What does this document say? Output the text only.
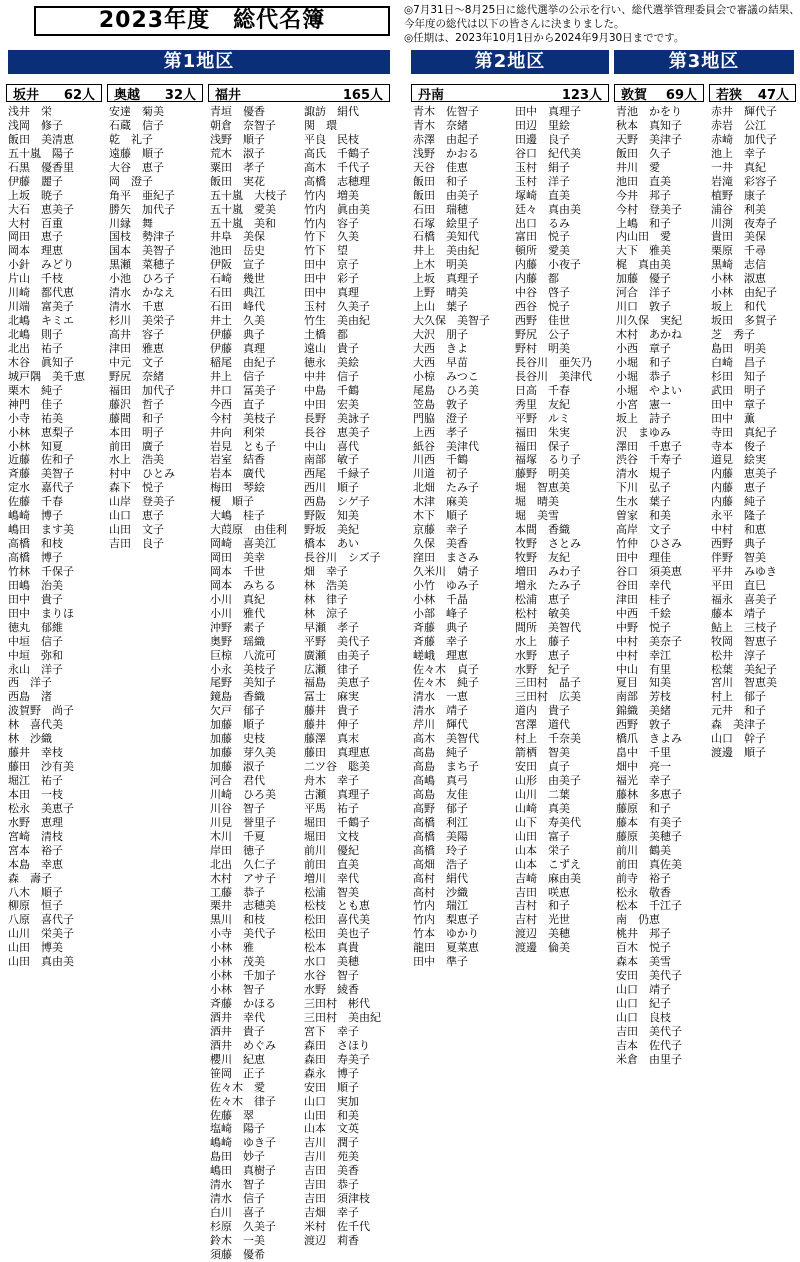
2023年度　総代名簿	◎7月31日～8月25日に総代選挙の公示を行い、総代選挙管理委員会で審議の結果、
今年度の総代は以下の皆さんに決まりました。
◎任期は、2023年10月1日から2024年9月30日までです。
第1地区	第2地区	第3地区
坂井 62人
浅井　栄
浅岡　修子
飯田　美清恵
五十嵐　陽子
石黒　優香里
伊藤　麗子
上坂　暁子
大石　恵美子
大村　百重
岡田　恵子
岡本　理恵
小針　みどり
片山　千枝
川崎　都代恵
川端　富美子
北嶋　キミエ
北嶋　則子
北出　祐子
木谷　眞知子
城戸隅　美千恵
栗木　純子
神門　佳子
小寺　祐美
小林　恵梨子
小林　知夏
近藤　佐和子
斉藤　美智子
定水　嘉代子
佐藤　千春
嶋崎　博子
嶋田　ます美
高橋　和枝
高橋　博子
竹林　千保子
田嶋　治美
田中　貴子
田中　まりほ
徳丸　郁維
中垣　信子
中垣　弥和
永山　洋子
西　洋子
西島　渚
波賀野　尚子
林　喜代美
林　沙織
藤井　幸枝
藤田　沙有美
堀江　祐子
本田　一枝
松永　美恵子
水野　恵理
宮崎　清枝
宮本　裕子
本島　幸恵
森　壽子
八木　順子
柳原　恒子
八原　喜代子
山川　栄美子
山田　博美
山田　真由美
奥越 32人
安達　菊美
石蔵　信子
乾　礼子
遠藤　順子
大谷　恵子
岡　澄子
角平　亜紀子
勝矢　加代子
川縁　舞
国枝　勢津子
国本　美智子
黒瀬　菜穂子
小池　ひろ子
清水　かなえ
清水　千恵
杉川　美栄子
高井　容子
津田　雅恵
中元　文子
野尻　奈緒
福田　加代子
藤沢　哲子
藤間　和子
本田　明子
前田　廣子
水上　浩美
村中　ひとみ
森下　悦子
山岸　登美子
山口　恵子
山田　文子
吉田　良子
福井	165人
青垣　優香
朝倉　奈智子
浅野　順子
荒木　淑子
粟田　孝子
飯田　実花
五十嵐　大枝子
五十嵐　愛美
五十嵐　美和
井阜　美保
池田　岳史
伊阪　宣子
石崎　幾世
石田　典江
石田　峰代
井土　久美
伊藤　典子
伊藤　真理
稲尾　由紀子
井上　信子
井口　冨美子
今西　直子
今村　美枝子
井向　利栄
岩見　とも子
岩室　結香
岩本　廣代
梅田　琴絵
榎　順子
大嶋　桂子
大葭原　由佳利
岡崎　喜美江
岡田　美幸
岡本　千世
岡本　みちる
小川　真紀
小川　雅代
沖野　素子
奥野　瑶織
巨椋　八流可
小永　美枝子
尾野　美知子
鏡島　香織
欠戸　郁子
加藤　順子
加藤　史枝
加藤　芽久美
加藤　淑子
河合　君代
川崎　ひろ美
川谷　智子
川見　誉里子
木川　千夏
岸田　徳子
北出　久仁子
木村　アサ子
工藤　恭子
栗井　志穂美
黒川　和枝
小寺　美代子
小林　雅
小林　茂美
小林　千加子
小林　智子
斉藤　かほる
酒井　幸代
酒井　貴子
酒井　めぐみ
櫻川　紀恵
笹岡　正子
佐々木　愛
佐々木　律子
佐藤　翠
塩崎　陽子
嶋崎　ゆき子
島田　妙子
嶋田　真樹子
清水　智子
清水　信子
白川　喜子
杉原　久美子
鈴木　一美
須藤　優希
諏訪　絹代
関　環
平良　民枝
高氏　千鶴子
高木　千代子
高橋　志穂理
竹内　増美
竹内　眞由美
竹内　容子
竹下　久美
竹下　望
田中　京子
田中　彩子
田中　真理
玉村　久美子
竹生　美由紀
土橋　都
遠山　貴子
徳永　美絵
中井　信子
中島　千鶴
中田　宏美
長野　美詠子
長谷　恵美子
中山　喜代
南部　敏子
西尾　千緑子
西川　順子
西島　シゲ子
野阪　知美
野坂　美紀
橋本　あい
長谷川　シズ子
畑　幸子
林　浩美
林　律子
林　涼子
早瀬　孝子
平野　美代子
廣瀬　由美子
広瀬　律子
福島　美恵子
冨士　麻実
藤井　貴子
藤井　伸子
藤澤　真末
藤田　真理恵
二ツ谷　聡美
舟木　幸子
古瀬　真理子
平馬　祐子
堀田　千鶴子
堀田　文枝
前川　優紀
前田　直美
増川　幸代
松浦　智美
松枝　とも恵
松田　喜代美
松田　美也子
松本　真貴
水口　美穂
水谷　智子
水野　綾香
三田村　彬代
三田村　美由紀
宮下　幸子
森田　さほり
森田　寿美子
森永　博子
安田　順子
山口　実加
山田　和美
山本　文英
吉川　潤子
吉川　苑美
吉田　美香
吉田　恭子
吉田　須津枝
吉畑　幸子
米村　佐千代
渡辺　莉香
丹南	123人
青木　佐智子
青木　奈緒
赤澤　由起子
浅野　かおる
天谷　佳恵
飯田　和子
飯田　由美子
石田　瑞穂
石塚　絵里子
石橋　美知代
井上　美由紀
上木　明美
上坂　真理子
上野　晴美
上山　葉子
大久保　美智子
大沢　朋子
大西　きよ
大西　早苗
小椋　みつこ
尾島　ひろ美
笠島　敦子
門脇　澄子
上西　孝子
紙谷　美津代
川西　千鶴
川道　初子
北畑　たみ子
木津　麻美
木下　順子
京藤　幸子
久保　美香
窪田　まさみ
久米川　婧子
小竹　ゆみ子
小林　千晶
小部　峰子
斉藤　典子
斉藤　幸子
嵯峨　理恵
佐々木　貞子
佐々木　純子
清水　一恵
清水　靖子
芹川　輝代
高木　美智代
高島　純子
高島　まち子
高嶋　真弓
高島　友佳
高野　郁子
高橋　利江
高橋　美陽
高橋　玲子
高畑　浩子
高村　絹代
高村　沙織
竹内　瑞江
竹内　梨恵子
竹本　ゆかり
龍田　夏菜恵
田中　準子
田中　真理子
田辺　里絵
田邊　良子
谷口　紀代美
玉村　絹子
玉村　洋子
塚崎　直美
廷々　真由美
出口　るみ
富田　悦子
頓所　愛美
内藤　小夜子
内藤　都
中谷　啓子
西谷　悦子
西野　佳世
野尻　公子
野村　明美
長谷川　亜矢乃
長谷川　美津代
日高　千春
秀里　友紀
平野　ルミ
福田　朱実
福田　保子
福塚　るり子
藤野　明美
堀　智恵美
堀　晴美
堀　美雪
本間　香織
牧野　さとみ
牧野　友紀
増田　みわ子
増永　たみ子
松浦　恵子
松村　敏美
間所　美智代
水上　藤子
水野　恵子
水野　紀子
三田村　晶子
三田村　広美
道内　貴子
宮澤　道代
村上　千奈美
箭栖　智美
安田　貞子
山形　由美子
山川　二葉
山崎　真美
山下　寿美代
山田　富子
山本　栄子
山本　こずえ
吉崎　麻由美
吉田　咲恵
吉村　和子
吉村　光世
渡辺　美穂
渡邊　倫美
敦賀 69人
青池　かをり
秋本　真知子
天野　美津子
飯田　久子
井川　愛
池田　直美
今井　邦子
今村　登美子
上嶋　和子
内山田　愛
大下　雅美
梶　真由美
加藤　優子
河合　洋子
川口　敦子
川久保　実紀
木村　あかね
小西　章子
小堀　和子
小堀　恭子
小堀　やよい
小宮　憲一
坂上　詩子
沢　まゆみ
澤田　千恵子
渋谷　千寿子
清水　規子
下川　弘子
生水　葉子
曽家　和美
高岸　文子
竹仲　ひさみ
田中　理佳
谷口　須美恵
谷田　幸代
津田　桂子
中西　千絵
中野　悦子
中村　美奈子
中村　幸江
中山　有里
夏目　知美
南部　芳枝
錦織　美緒
西野　敦子
橋爪　きよみ
畠中　千里
畑中　亮一
福光　幸子
藤林　多恵子
藤原　和子
藤本　有美子
藤原　美穂子
前川　鶴美
前田　真佐美
前寺　裕子
松永　敬香
松本　千江子
南　仍恵
桃井　邦子
百木　悦子
森本　美雪
安田　美代子
山口　靖子
山口　紀子
山口　良枝
吉田　美代子
吉本　佐代子
米倉　由里子
若狭 47人
赤井　輝代子
赤岩　公江
赤崎　加代子
池上　幸子
一井　真紀
岩滝　彩容子
植野　康子
浦谷　利美
川渕　夜寿子
貴田　美保
栗原　千尋
黒崎　志信
小林　淑恵
小林　由紀子
坂上　和代
坂田　多賀子
芝　秀子
島田　明美
白崎　昌子
杉田　知子
武田　明子
田中　章子
田中　薫
寺田　真紀子
寺本　俊子
道見　絵実
内藤　恵美子
内藤　恵子
内藤　純子
永平　隆子
中村　和恵
西野　典子
伴野　智美
平井　みゆき
平田　直巳
福永　喜美子
藤本　靖子
鮎上　三枝子
牧岡　智恵子
松井　淳子
松葉　美紀子
宮川　智恵美
村上　郁子
元井　和子
森　美津子
山口　幹子
渡邊　順子
